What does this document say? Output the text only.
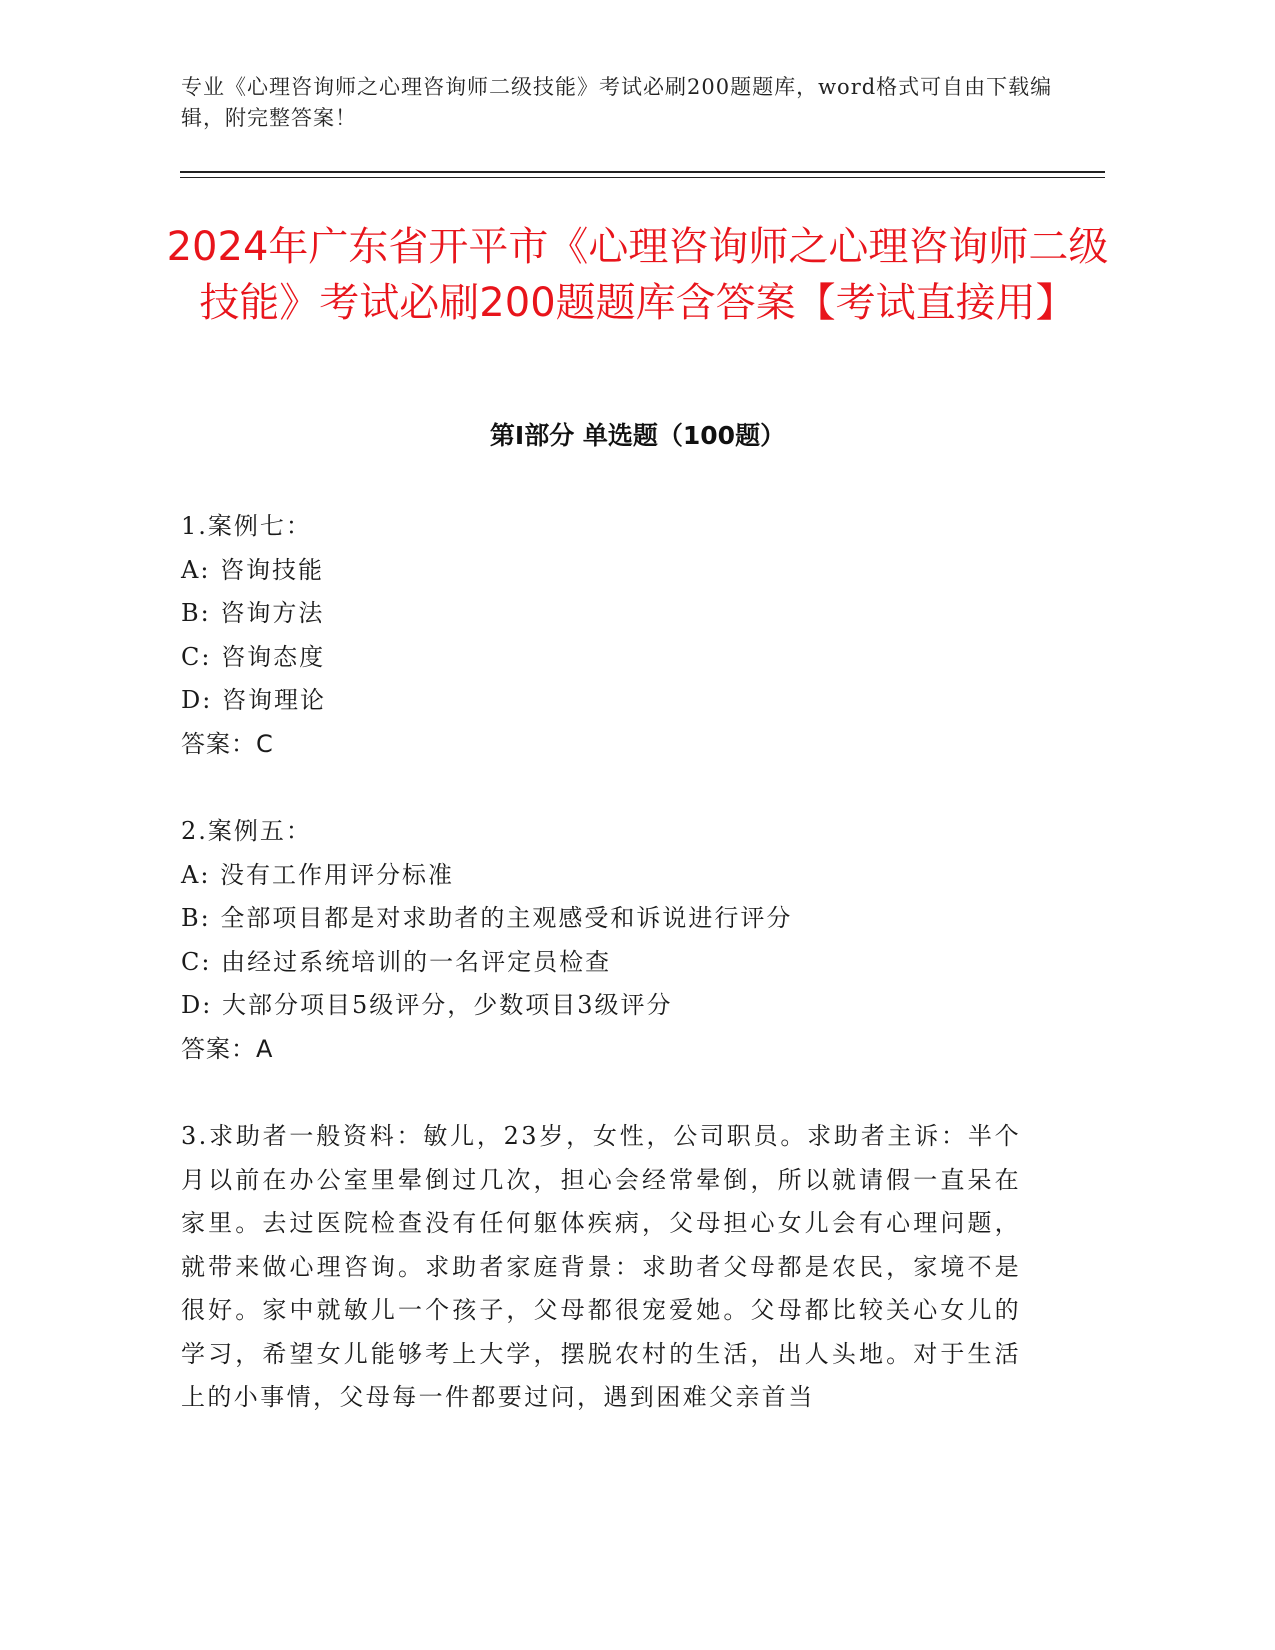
专业《心理咨询师之心理咨询师二级技能》考试必刷200题题库，word格式可自由下载编辑，附完整答案！
2024年广东省开平市《心理咨询师之心理咨询师二级技能》考试必刷200题题库含答案【考试直接用】
第I部分 单选题（100题）
1.案例七：
A: 咨询技能
B: 咨询方法
C: 咨询态度
D: 咨询理论
答案：C
2.案例五：
A: 没有工作用评分标准
B: 全部项目都是对求助者的主观感受和诉说进行评分
C: 由经过系统培训的一名评定员检查
D: 大部分项目5级评分，少数项目3级评分
答案：A
3.求助者一般资料：敏儿，23岁，女性，公司职员。求助者主诉：半个月以前在办公室里晕倒过几次，担心会经常晕倒，所以就请假一直呆在家里。去过医院检查没有任何躯体疾病，父母担心女儿会有心理问题，就带来做心理咨询。求助者家庭背景：求助者父母都是农民，家境不是很好。家中就敏儿一个孩子，父母都很宠爱她。父母都比较关心女儿的学习，希望女儿能够考上大学，摆脱农村的生活，出人头地。对于生活上的小事情，父母每一件都要过问，遇到困难父亲首当
